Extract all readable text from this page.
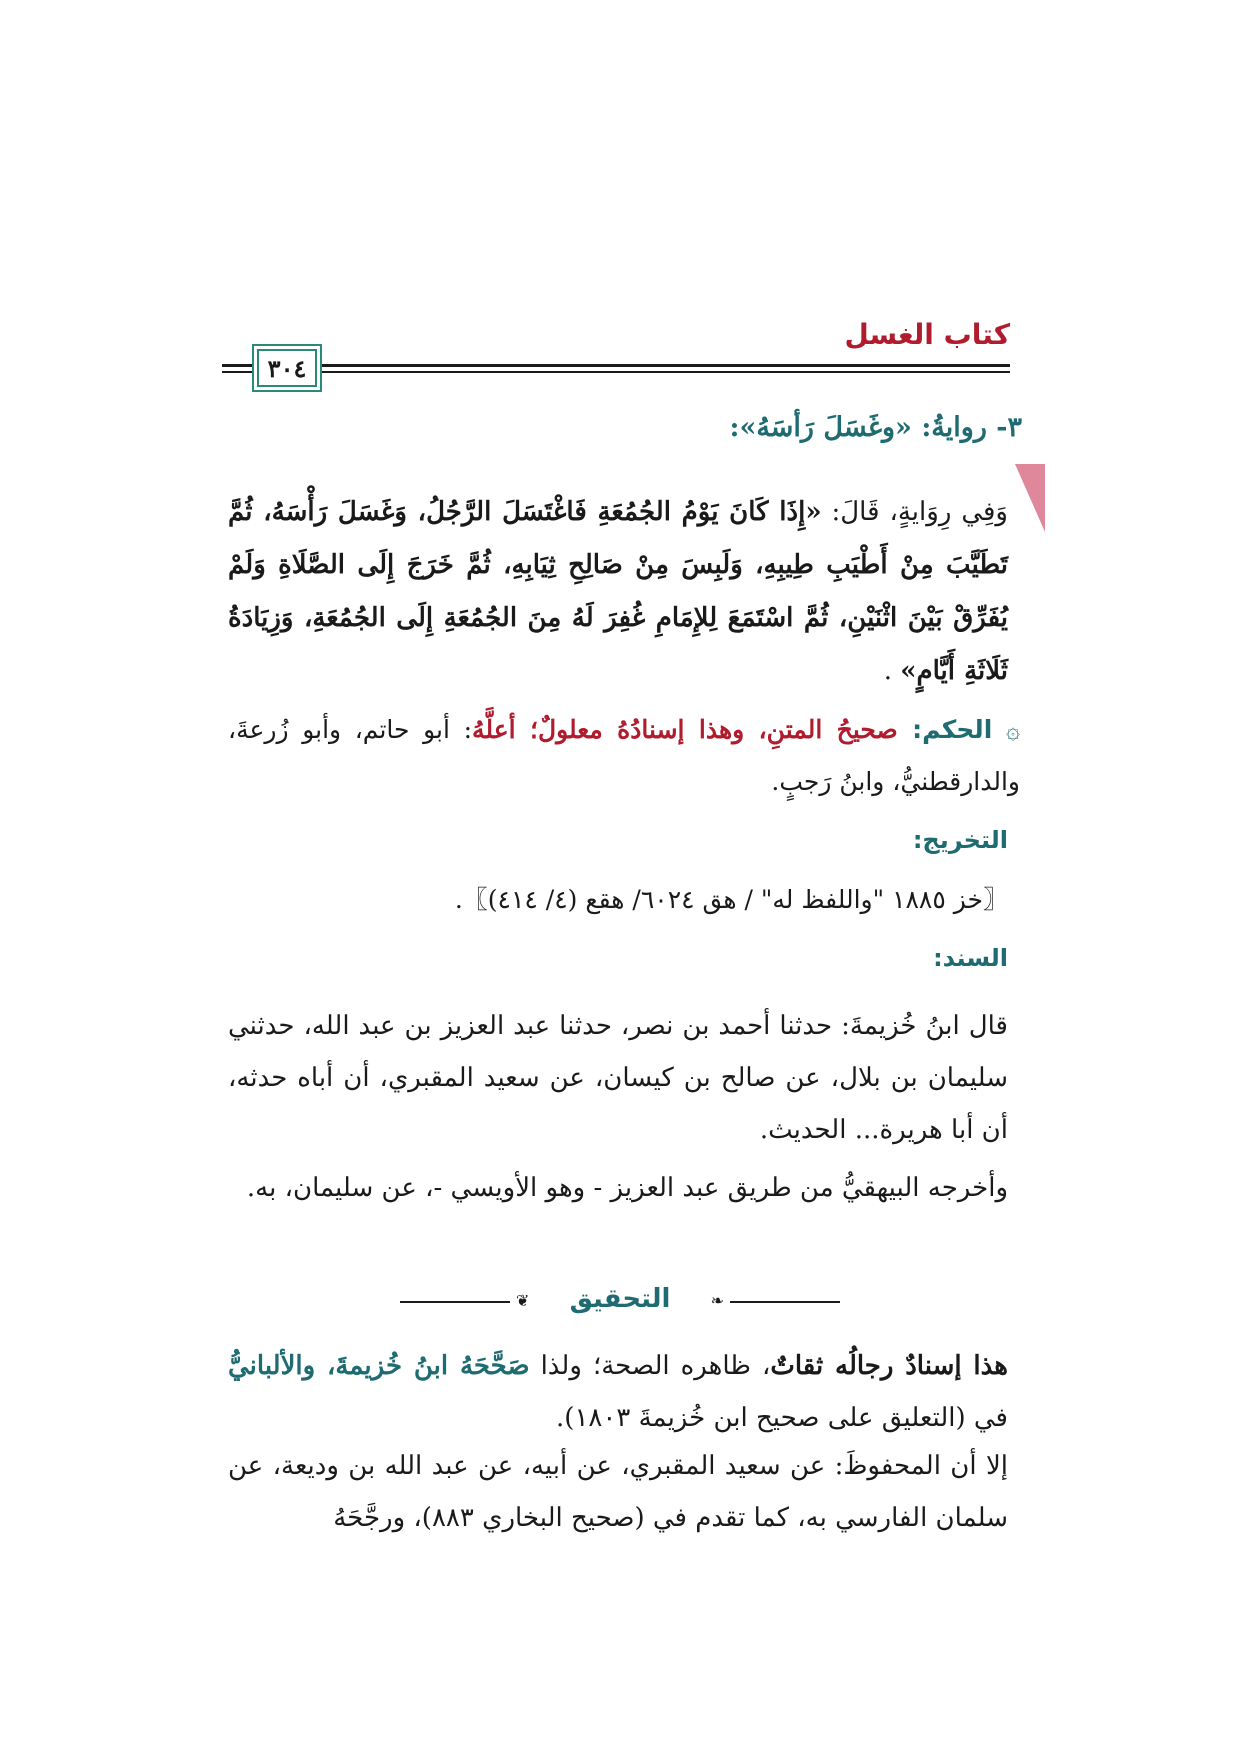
كتاب الغسل
٣٠٤
٣- روايةُ: «وغَسَلَ رَأسَهُ»:
وَفِي رِوَايةٍ، قَالَ: «إِذَا كَانَ يَوْمُ الجُمُعَةِ فَاغْتَسَلَ الرَّجُلُ، وَغَسَلَ رَأْسَهُ، ثُمَّ تَطَيَّبَ مِنْ أَطْيَبِ طِيبِهِ، وَلَبِسَ مِنْ صَالِحِ ثِيَابِهِ، ثُمَّ خَرَجَ إِلَى الصَّلَاةِ وَلَمْ يُفَرِّقْ بَيْنَ اثْنَيْنِ، ثُمَّ اسْتَمَعَ لِلإِمَامِ غُفِرَ لَهُ مِنَ الجُمُعَةِ إِلَى الجُمُعَةِ، وَزِيَادَةُ ثَلَاثَةِ أَيَّامٍ» .
۞ الحكم: صحيحُ المتنِ، وهذا إسنادُهُ معلولٌ؛ أعلَّهُ: أبو حاتم، وأبو زُرعةَ، والدارقطنيُّ، وابنُ رَجبٍ.
التخريج:
〖خز ١٨٨٥ "واللفظ له" / هق ٦٠٢٤/ هقع (٤/ ٤١٤)〗.
السند:
قال ابنُ خُزيمةَ: حدثنا أحمد بن نصر، حدثنا عبد العزيز بن عبد الله، حدثني سليمان بن بلال، عن صالح بن كيسان، عن سعيد المقبري، أن أباه حدثه، أن أبا هريرة... الحديث.
وأخرجه البيهقيُّ من طريق عبد العزيز - وهو الأويسي -، عن سليمان، به.
❦	التحقيق	❧
هذا إسنادٌ رجالُه ثقاتٌ، ظاهره الصحة؛ ولذا صَحَّحَهُ ابنُ خُزيمةَ، والألبانيُّ في (التعليق على صحيح ابن خُزيمةَ ١٨٠٣).
إلا أن المحفوظَ: عن سعيد المقبري، عن أبيه، عن عبد الله بن وديعة، عن سلمان الفارسي به، كما تقدم في (صحيح البخاري ٨٨٣)، ورجَّحَهُ
